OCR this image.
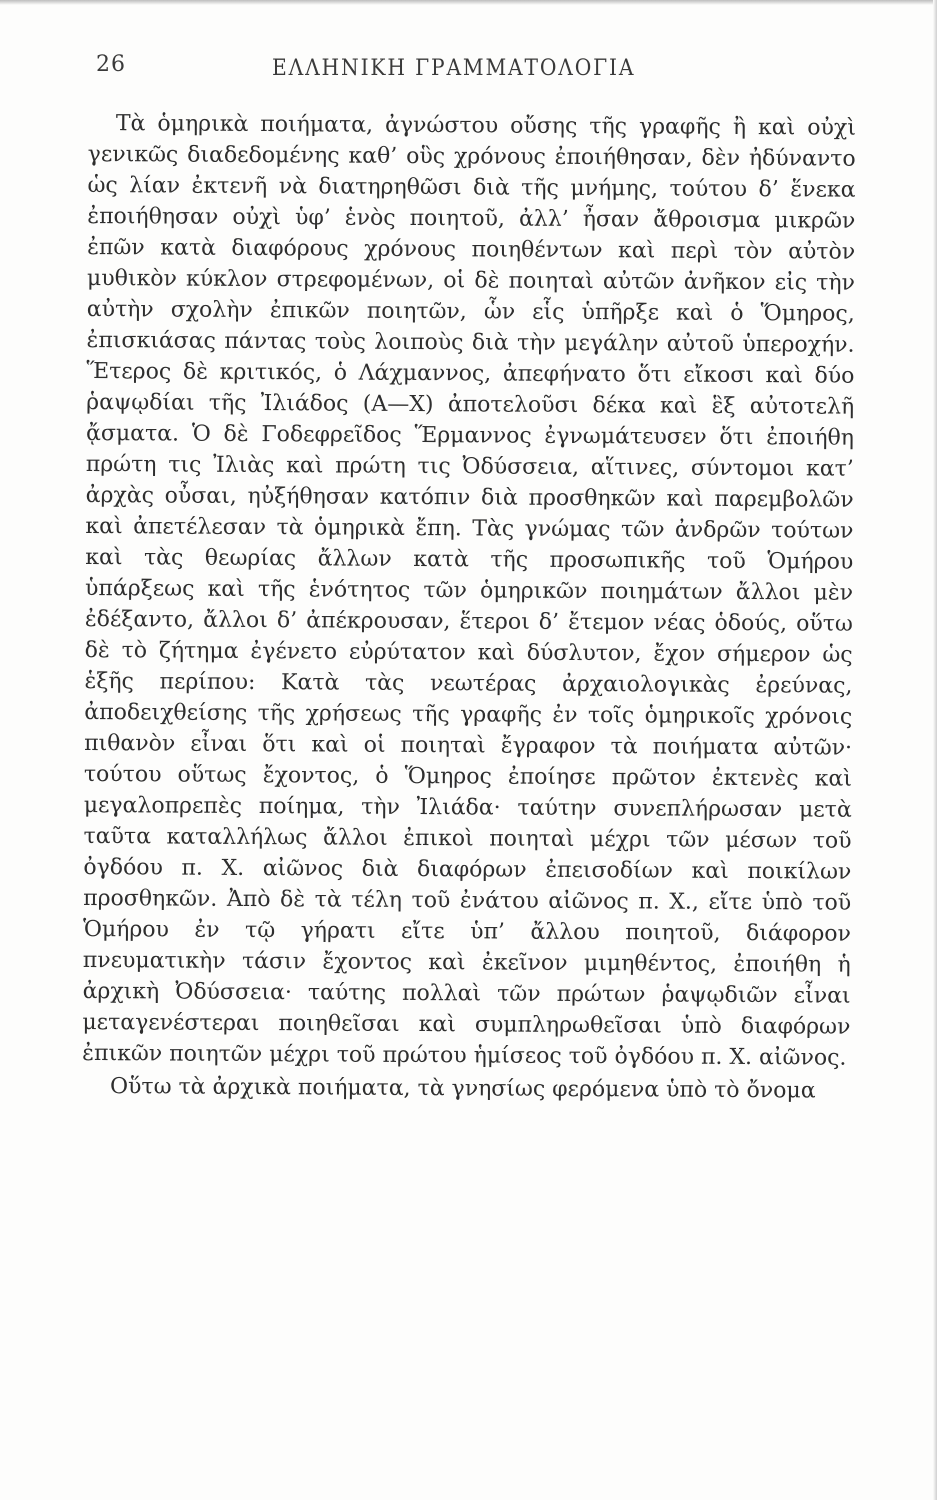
26	ΕΛΛΗΝΙΚΗ ΓΡΑΜΜΑΤΟΛΟΓΙΑ

Τὰ ὁμηρικὰ ποιήματα, ἀγνώστου οὔσης τῆς γραφῆς ἢ καὶ οὐχὶ γενικῶς διαδεδομένης καθ’ οὓς χρόνους ἐποιήθησαν, δὲν ἠδύναντο ὡς λίαν ἐκτενῆ νὰ διατηρηθῶσι διὰ τῆς μνήμης, τούτου δ’ ἕνεκα ἐποιήθησαν οὐχὶ ὑφ’ ἑνὸς ποιητοῦ, ἀλλ’ ἦσαν ἄθροισμα μικρῶν ἐπῶν κατὰ διαφόρους χρόνους ποιηθέντων καὶ περὶ τὸν αὐτὸν μυθικὸν κύκλον στρεφομένων, οἱ δὲ ποιηταὶ αὐτῶν ἀνῆκον εἰς τὴν αὐτὴν σχολὴν ἐπικῶν ποιητῶν, ὧν εἷς ὑπῆρξε καὶ ὁ Ὅμηρος, ἐπισκιάσας πάντας τοὺς λοιποὺς διὰ τὴν μεγάλην αὐτοῦ ὑπεροχήν. Ἕτερος δὲ κριτικός, ὁ Λάχμαννος, ἀπεφήνατο ὅτι εἴκοσι καὶ δύο ῥαψῳδίαι τῆς Ἰλιάδος (Α—Χ) ἀποτελοῦσι δέκα καὶ ἓξ αὐτοτελῆ ᾄσματα. Ὁ δὲ Γοδεφρεῖδος Ἕρμαννος ἐγνωμάτευσεν ὅτι ἐποιήθη πρώτη τις Ἰλιὰς καὶ πρώτη τις Ὀδύσσεια, αἵτινες, σύντομοι κατ’ ἀρχὰς οὖσαι, ηὐξήθησαν κατόπιν διὰ προσθηκῶν καὶ παρεμβολῶν καὶ ἀπετέλεσαν τὰ ὁμηρικὰ ἔπη. Τὰς γνώμας τῶν ἀνδρῶν τούτων καὶ τὰς θεωρίας ἄλλων κατὰ τῆς προσωπικῆς τοῦ Ὁμήρου ὑπάρξεως καὶ τῆς ἑνότητος τῶν ὁμηρικῶν ποιημάτων ἄλλοι μὲν ἐδέξαντο, ἄλλοι δ’ ἀπέκρουσαν, ἕτεροι δ’ ἔτεμον νέας ὁδούς, οὕτω δὲ τὸ ζήτημα ἐγένετο εὐρύτατον καὶ δύσλυτον, ἔχον σήμερον ὡς ἑξῆς περίπου: Κατὰ τὰς νεωτέρας ἀρχαιολογικὰς ἐρεύνας, ἀποδειχθείσης τῆς χρήσεως τῆς γραφῆς ἐν τοῖς ὁμηρικοῖς χρόνοις πιθανὸν εἶναι ὅτι καὶ οἱ ποιηταὶ ἔγραφον τὰ ποιήματα αὐτῶν· τούτου οὕτως ἔχοντος, ὁ Ὅμηρος ἐποίησε πρῶτον ἐκτενὲς καὶ μεγαλοπρεπὲς ποίημα, τὴν Ἰλιάδα· ταύτην συνεπλήρωσαν μετὰ ταῦτα καταλλήλως ἄλλοι ἐπικοὶ ποιηταὶ μέχρι τῶν μέσων τοῦ ὀγδόου π. Χ. αἰῶνος διὰ διαφόρων ἐπεισοδίων καὶ ποικίλων προσθηκῶν. Ἀπὸ δὲ τὰ τέλη τοῦ ἐνάτου αἰῶνος π. Χ., εἴτε ὑπὸ τοῦ Ὁμήρου ἐν τῷ γήρατι εἴτε ὑπ’ ἄλλου ποιητοῦ, διάφορον πνευματικὴν τάσιν ἔχοντος καὶ ἐκεῖνον μιμηθέντος, ἐποιήθη ἡ ἀρχικὴ Ὀδύσσεια· ταύτης πολλαὶ τῶν πρώτων ῥαψῳδιῶν εἶναι μεταγενέστεραι ποιηθεῖσαι καὶ συμπληρωθεῖσαι ὑπὸ διαφόρων ἐπικῶν ποιητῶν μέχρι τοῦ πρώτου ἡμίσεος τοῦ ὀγδόου π. Χ. αἰῶνος.

Οὕτω τὰ ἀρχικὰ ποιήματα, τὰ γνησίως φερόμενα ὑπὸ τὸ ὄνομα
